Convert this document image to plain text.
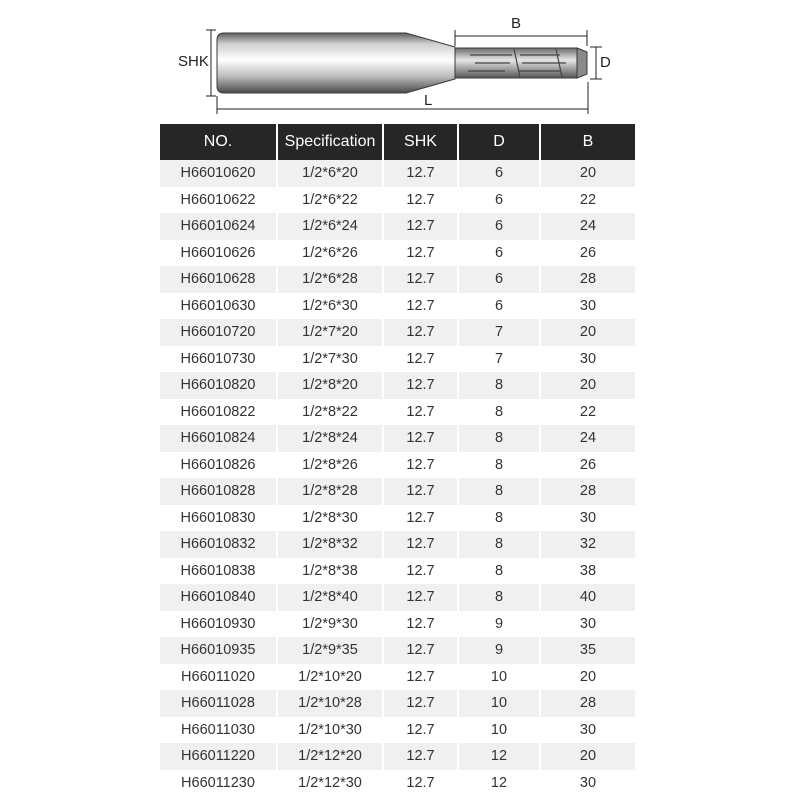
SHK
B
D
L
NO.	Specification	SHK	D	B
H66010620	1/2*6*20	12.7	6	20
H66010622	1/2*6*22	12.7	6	22
H66010624	1/2*6*24	12.7	6	24
H66010626	1/2*6*26	12.7	6	26
H66010628	1/2*6*28	12.7	6	28
H66010630	1/2*6*30	12.7	6	30
H66010720	1/2*7*20	12.7	7	20
H66010730	1/2*7*30	12.7	7	30
H66010820	1/2*8*20	12.7	8	20
H66010822	1/2*8*22	12.7	8	22
H66010824	1/2*8*24	12.7	8	24
H66010826	1/2*8*26	12.7	8	26
H66010828	1/2*8*28	12.7	8	28
H66010830	1/2*8*30	12.7	8	30
H66010832	1/2*8*32	12.7	8	32
H66010838	1/2*8*38	12.7	8	38
H66010840	1/2*8*40	12.7	8	40
H66010930	1/2*9*30	12.7	9	30
H66010935	1/2*9*35	12.7	9	35
H66011020	1/2*10*20	12.7	10	20
H66011028	1/2*10*28	12.7	10	28
H66011030	1/2*10*30	12.7	10	30
H66011220	1/2*12*20	12.7	12	20
H66011230	1/2*12*30	12.7	12	30
